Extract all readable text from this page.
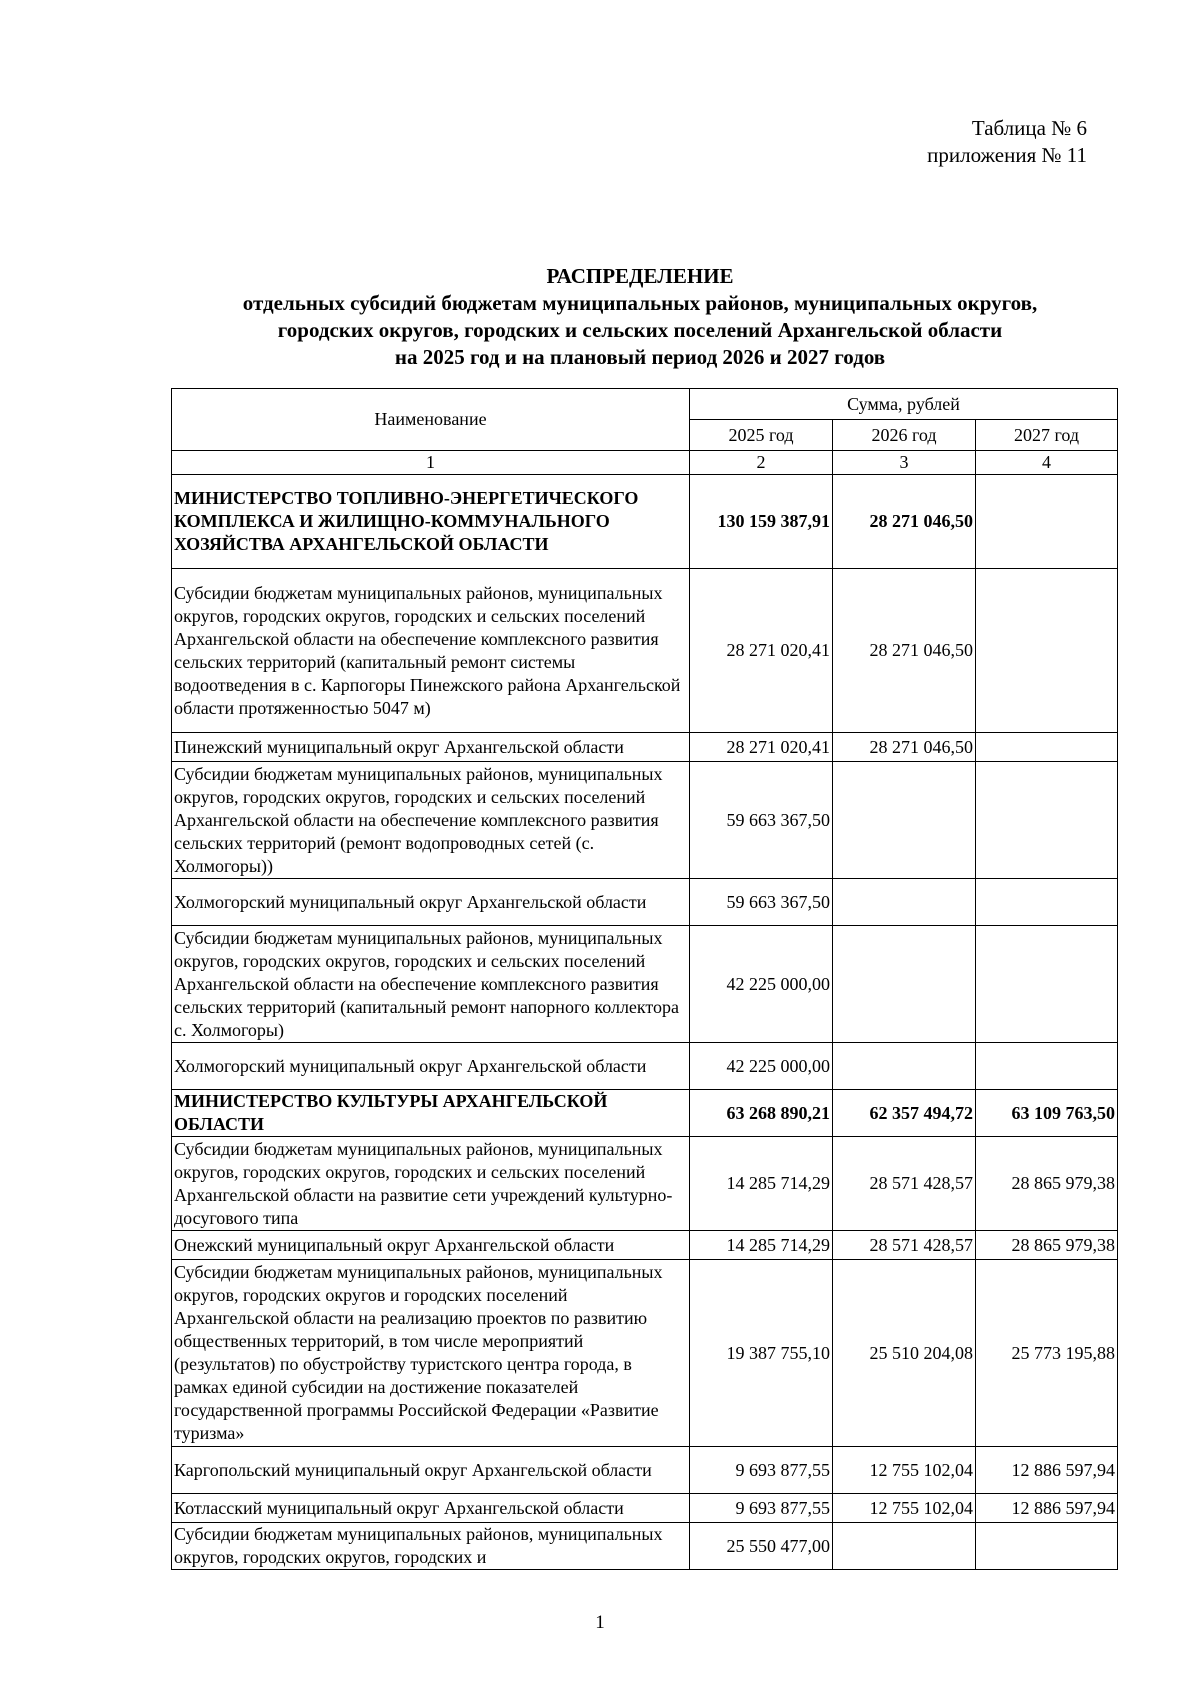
Таблица № 6
приложения № 11
РАСПРЕДЕЛЕНИЕ
отдельных субсидий бюджетам муниципальных районов, муниципальных округов,
городских округов, городских и сельских поселений Архангельской области
на 2025 год и на плановый период 2026 и 2027 годов
Наименование	Сумма, рублей		
	2025 год	2026 год	2027 год
1	2	3	4
МИНИСТЕРСТВО ТОПЛИВНО-ЭНЕРГЕТИЧЕСКОГО КОМПЛЕКСА И ЖИЛИЩНО-КОММУНАЛЬНОГО ХОЗЯЙСТВА АРХАНГЕЛЬСКОЙ ОБЛАСТИ	130 159 387,91	28 271 046,50	
Субсидии бюджетам муниципальных районов, муниципальных округов, городских округов, городских и сельских поселений Архангельской области на обеспечение комплексного развития сельских территорий (капитальный ремонт системы водоотведения в с. Карпогоры Пинежского района Архангельской области протяженностью 5047 м)	28 271 020,41	28 271 046,50	
Пинежский муниципальный округ Архангельской области	28 271 020,41	28 271 046,50	
Субсидии бюджетам муниципальных районов, муниципальных округов, городских округов, городских и сельских поселений Архангельской области на обеспечение комплексного развития сельских территорий (ремонт водопроводных сетей (с. Холмогоры))	59 663 367,50		
Холмогорский муниципальный округ Архангельской области	59 663 367,50		
Субсидии бюджетам муниципальных районов, муниципальных округов, городских округов, городских и сельских поселений Архангельской области на обеспечение комплексного развития сельских территорий (капитальный ремонт напорного коллектора с. Холмогоры)	42 225 000,00		
Холмогорский муниципальный округ Архангельской области	42 225 000,00		
МИНИСТЕРСТВО КУЛЬТУРЫ АРХАНГЕЛЬСКОЙ ОБЛАСТИ	63 268 890,21	62 357 494,72	63 109 763,50
Субсидии бюджетам муниципальных районов, муниципальных округов, городских округов, городских и сельских поселений Архангельской области на развитие сети учреждений культурно-досугового типа	14 285 714,29	28 571 428,57	28 865 979,38
Онежский муниципальный округ Архангельской области	14 285 714,29	28 571 428,57	28 865 979,38
Субсидии бюджетам муниципальных районов, муниципальных округов, городских округов и городских поселений Архангельской области на реализацию проектов по развитию общественных территорий, в том числе мероприятий (результатов) по обустройству туристского центра города, в рамках единой субсидии на достижение показателей государственной программы Российской Федерации «Развитие туризма»	19 387 755,10	25 510 204,08	25 773 195,88
Каргопольский муниципальный округ Архангельской области	9 693 877,55	12 755 102,04	12 886 597,94
Котласский муниципальный округ Архангельской области	9 693 877,55	12 755 102,04	12 886 597,94
Субсидии бюджетам муниципальных районов, муниципальных округов, городских округов, городских и	25 550 477,00		
1
